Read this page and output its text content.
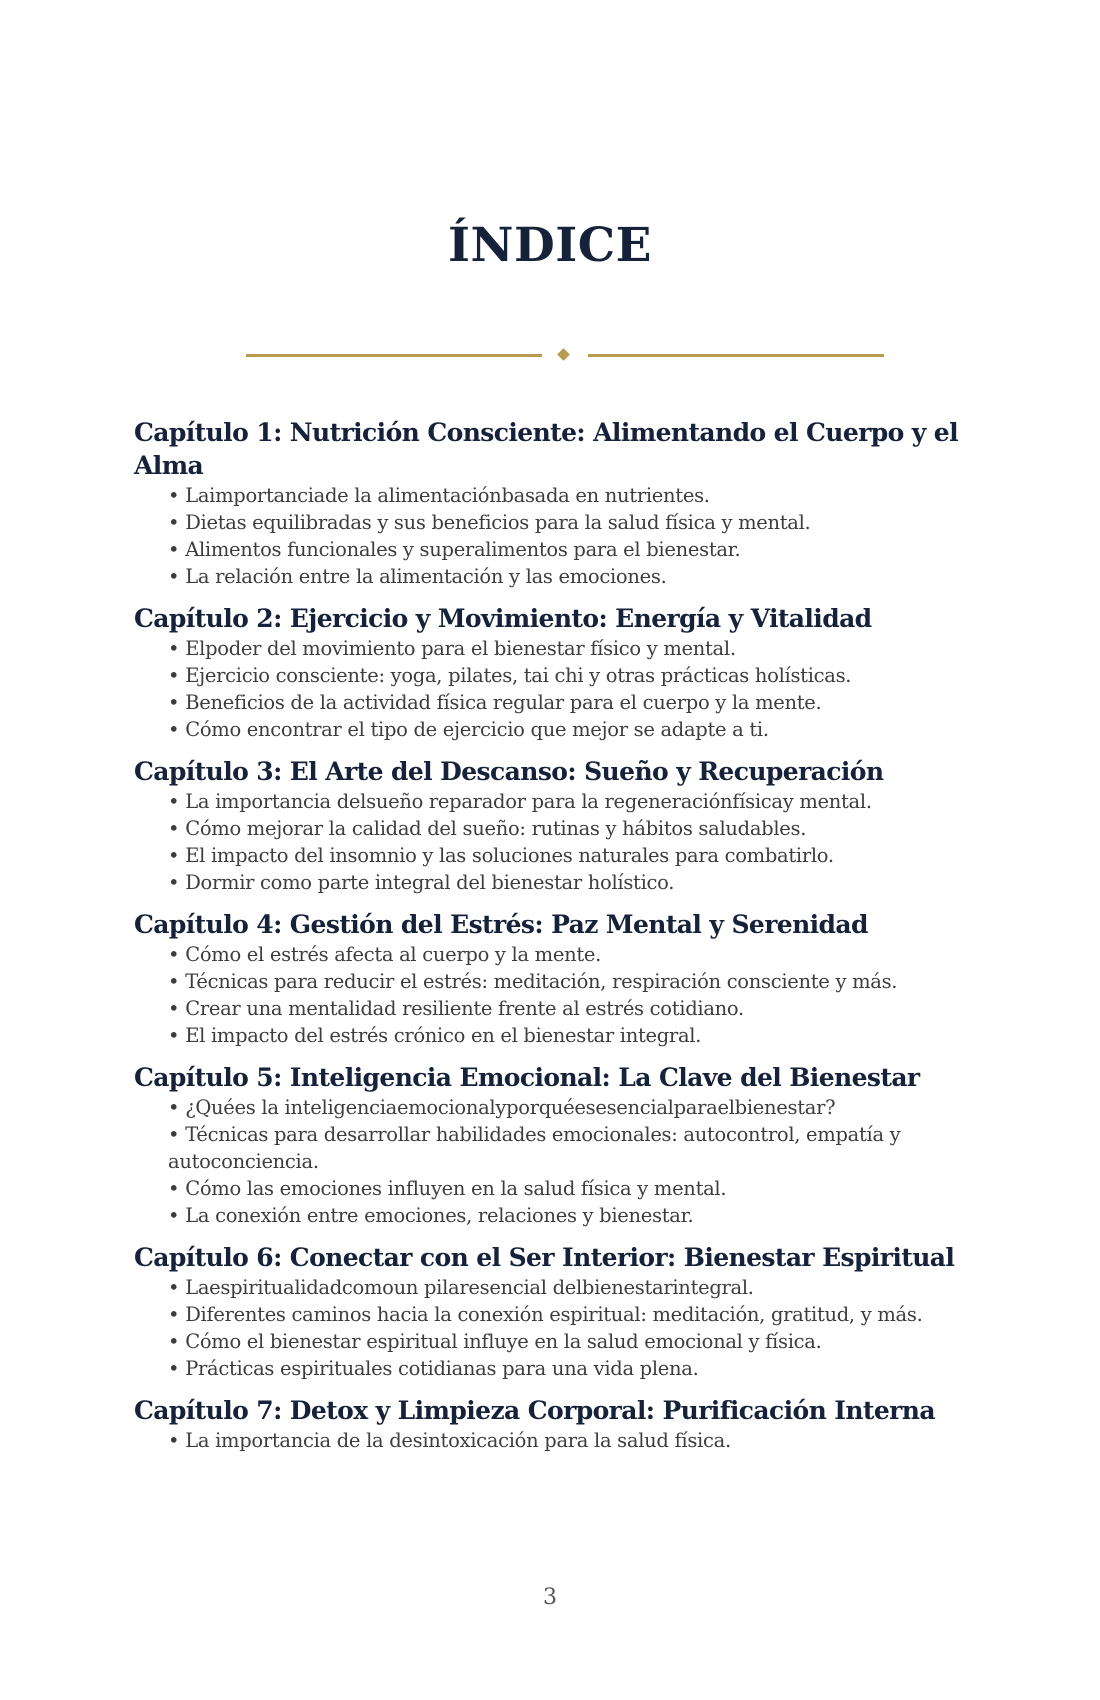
ÍNDICE
Capítulo 1: Nutrición Consciente: Alimentando el Cuerpo y el Alma
• Laimportanciade la alimentaciónbasada en nutrientes.
• Dietas equilibradas y sus beneficios para la salud física y mental.
• Alimentos funcionales y superalimentos para el bienestar.
• La relación entre la alimentación y las emociones.
Capítulo 2: Ejercicio y Movimiento: Energía y Vitalidad
• Elpoder del movimiento para el bienestar físico y mental.
• Ejercicio consciente: yoga, pilates, tai chi y otras prácticas holísticas.
• Beneficios de la actividad física regular para el cuerpo y la mente.
• Cómo encontrar el tipo de ejercicio que mejor se adapte a ti.
Capítulo 3: El Arte del Descanso: Sueño y Recuperación
• La importancia delsueño reparador para la regeneraciónfísicay mental.
• Cómo mejorar la calidad del sueño: rutinas y hábitos saludables.
• El impacto del insomnio y las soluciones naturales para combatirlo.
• Dormir como parte integral del bienestar holístico.
Capítulo 4: Gestión del Estrés: Paz Mental y Serenidad
• Cómo el estrés afecta al cuerpo y la mente.
• Técnicas para reducir el estrés: meditación, respiración consciente y más.
• Crear una mentalidad resiliente frente al estrés cotidiano.
• El impacto del estrés crónico en el bienestar integral.
Capítulo 5: Inteligencia Emocional: La Clave del Bienestar
• ¿Quées la inteligenciaemocionalyporquéesesencialparaelbienestar?
• Técnicas para desarrollar habilidades emocionales: autocontrol, empatía y autoconciencia.
• Cómo las emociones influyen en la salud física y mental.
• La conexión entre emociones, relaciones y bienestar.
Capítulo 6: Conectar con el Ser Interior: Bienestar Espiritual
• Laespiritualidadcomoun pilaresencial delbienestarintegral.
• Diferentes caminos hacia la conexión espiritual: meditación, gratitud, y más.
• Cómo el bienestar espiritual influye en la salud emocional y física.
• Prácticas espirituales cotidianas para una vida plena.
Capítulo 7: Detox y Limpieza Corporal: Purificación Interna
• La importancia de la desintoxicación para la salud física.
3
